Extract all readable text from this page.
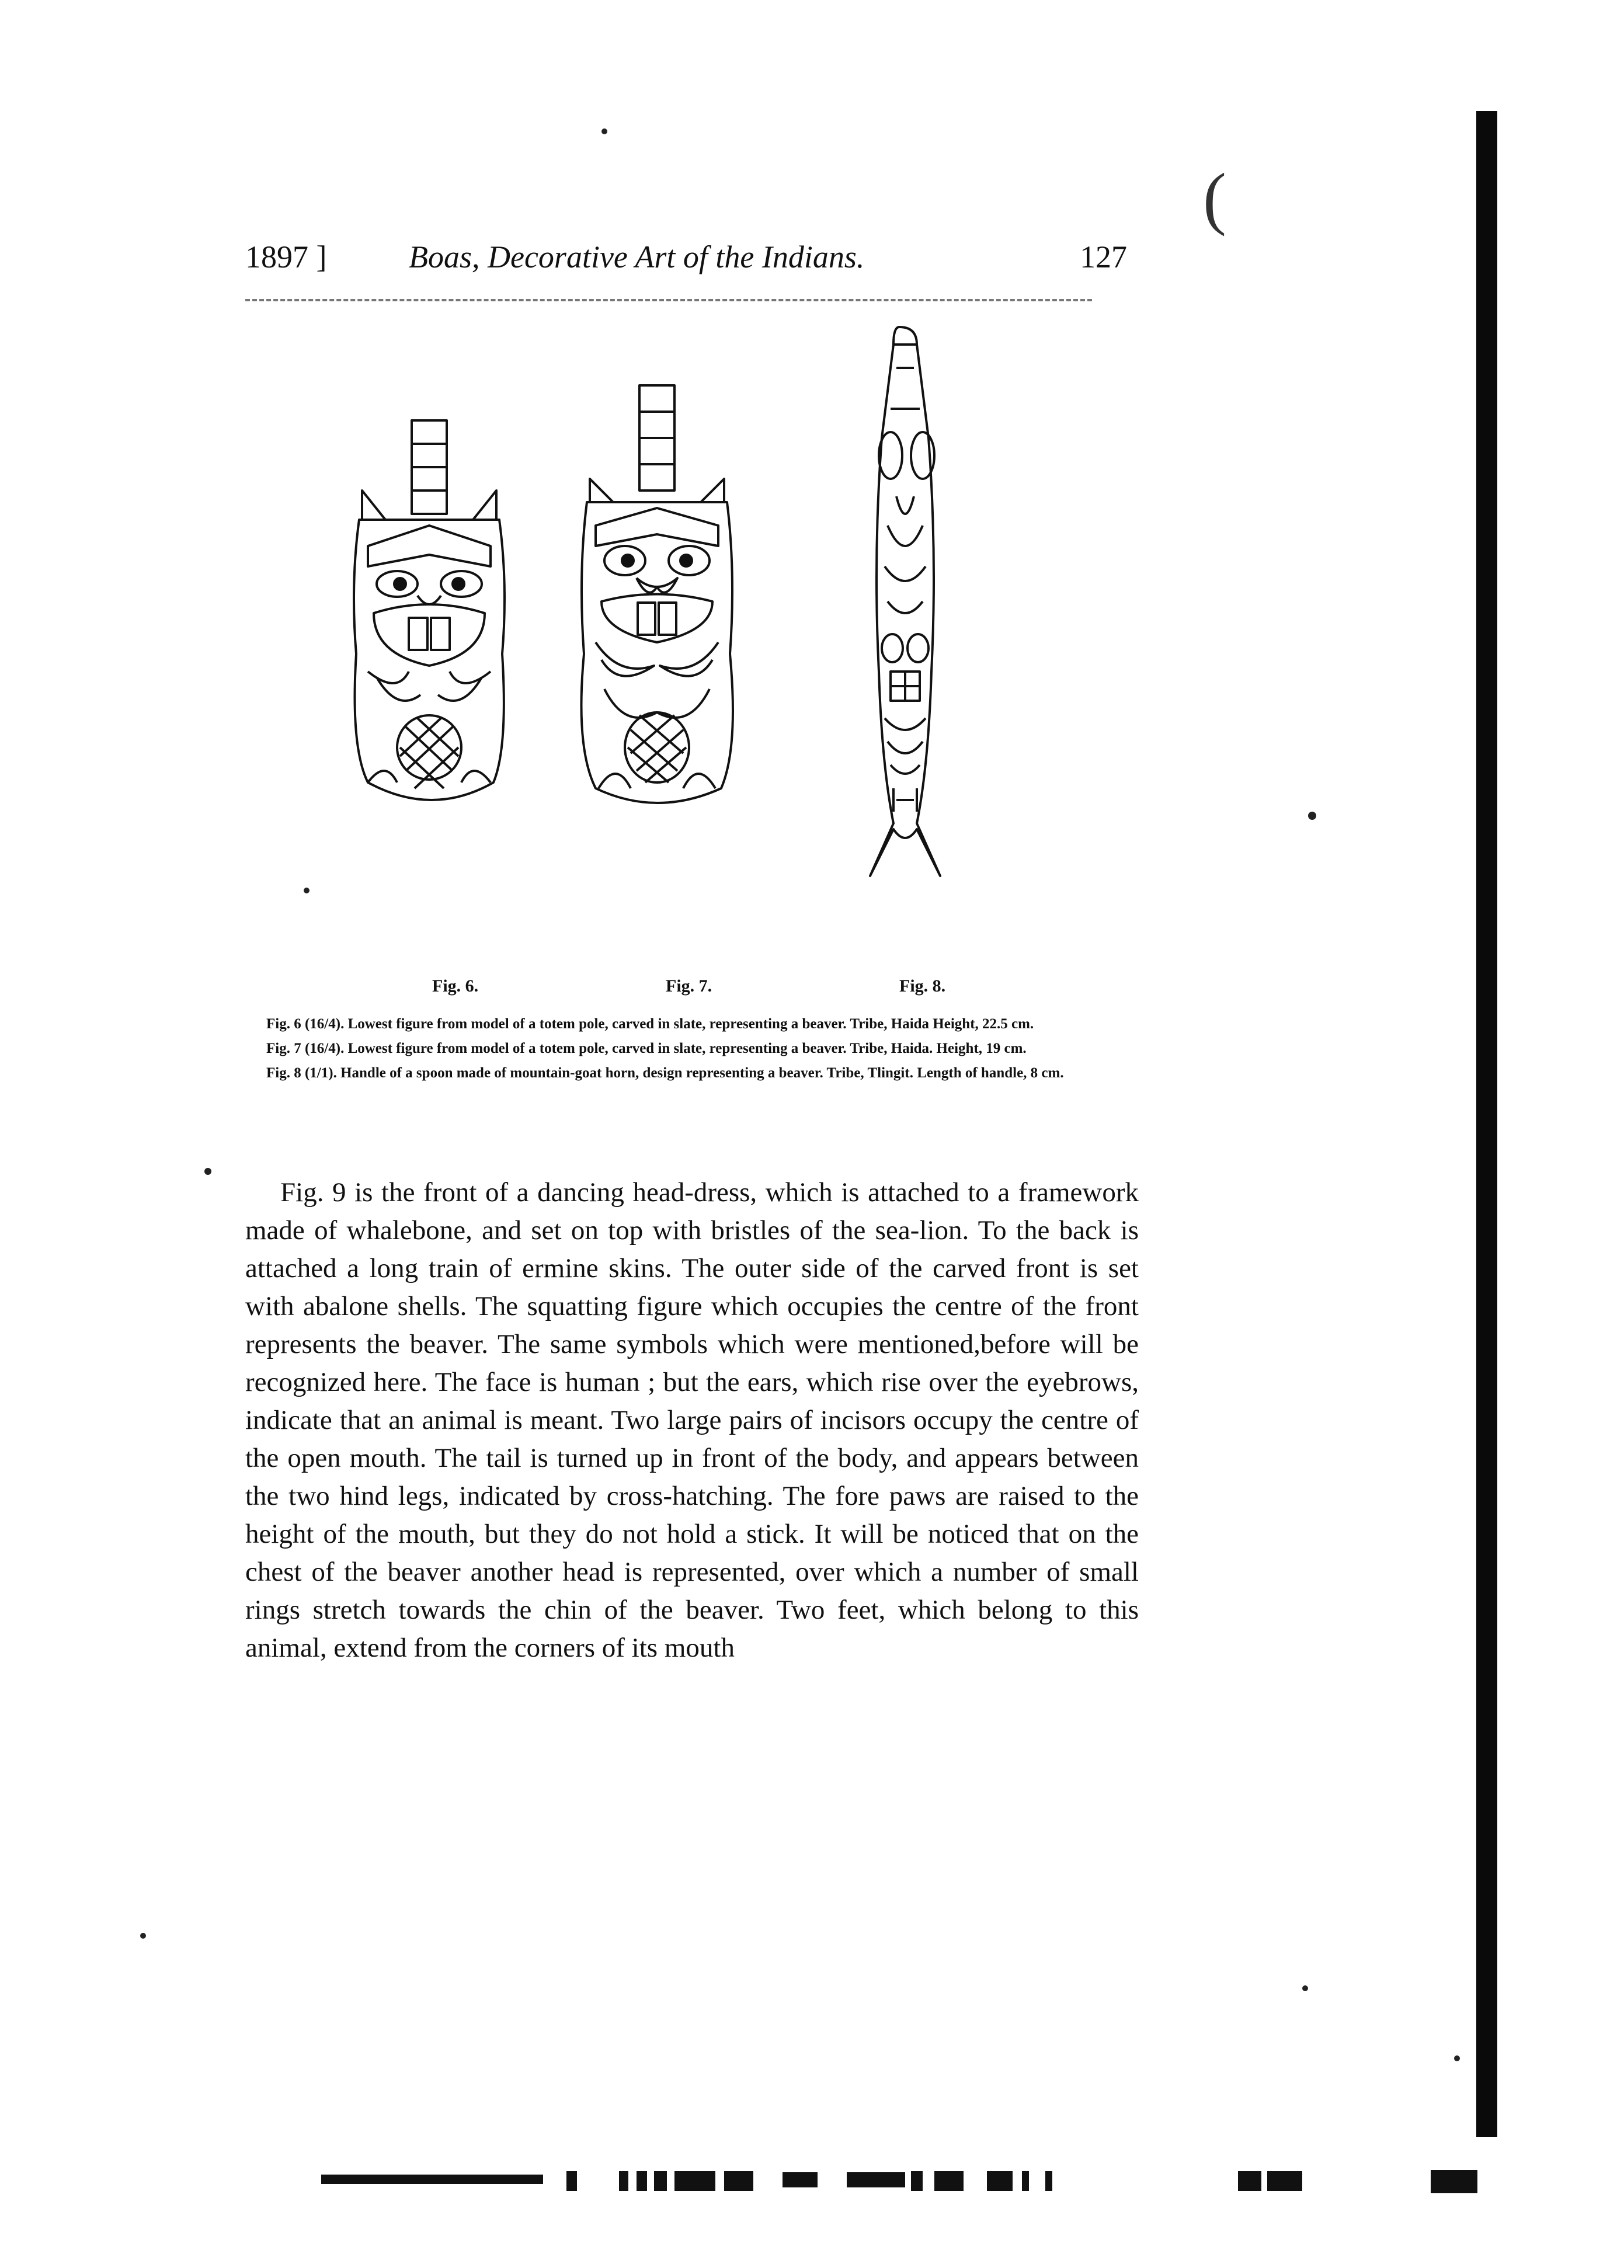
(
1897 ]	Boas, Decorative Art of the Indians.	127
Fig. 6.	Fig. 7.	Fig. 8.

Fig. 6 (16/4). Lowest figure from model of a totem pole, carved in slate, representing a beaver. Tribe, Haida Height, 22.5 cm.

Fig. 7 (16/4). Lowest figure from model of a totem pole, carved in slate, representing a beaver. Tribe, Haida. Height, 19 cm.

Fig. 8 (1/1). Handle of a spoon made of mountain-goat horn, design representing a beaver. Tribe, Tlingit. Length of handle, 8 cm.

Fig. 9 is the front of a dancing head-dress, which is attached to a framework made of whalebone, and set on top with bristles of the sea-lion. To the back is attached a long train of ermine skins. The outer side of the carved front is set with abalone shells. The squatting figure which occupies the centre of the front represents the beaver. The same symbols which were mentioned,before will be recognized here. The face is human ; but the ears, which rise over the eyebrows, indicate that an animal is meant. Two large pairs of incisors occupy the centre of the open mouth. The tail is turned up in front of the body, and appears between the two hind legs, indicated by cross-hatching. The fore paws are raised to the height of the mouth, but they do not hold a stick. It will be noticed that on the chest of the beaver another head is represented, over which a number of small rings stretch towards the chin of the beaver. Two feet, which belong to this animal, extend from the corners of its mouth
